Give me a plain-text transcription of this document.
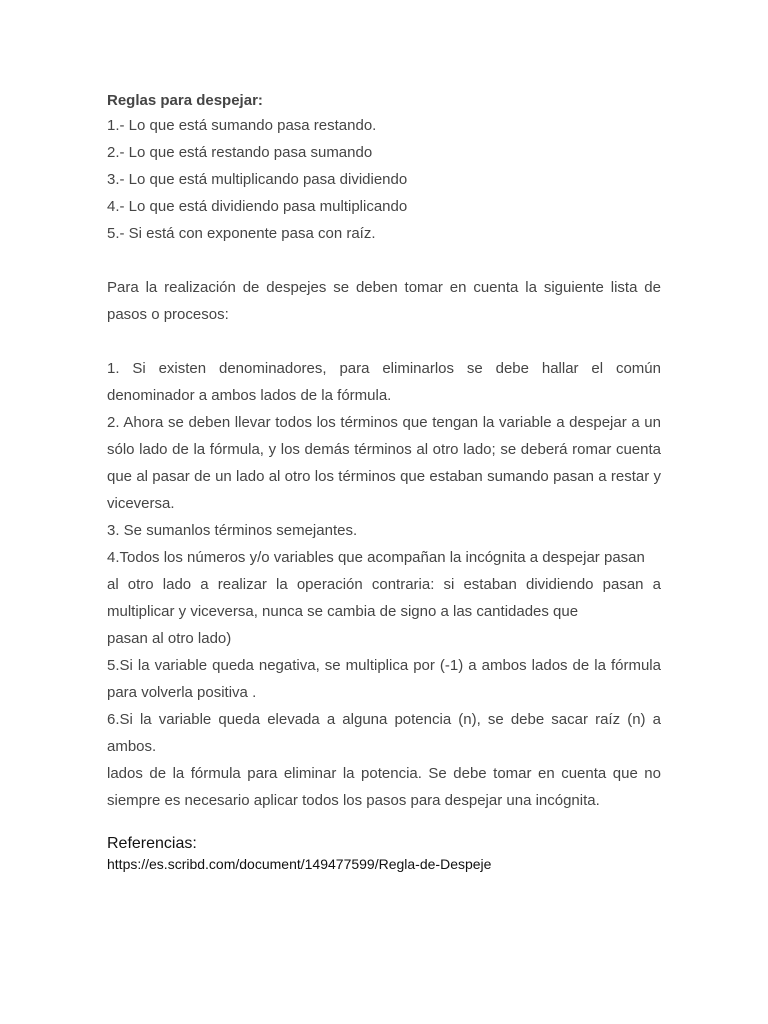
Reglas para despejar:
1.- Lo que está sumando pasa restando.
2.- Lo que está restando pasa sumando
3.- Lo que está multiplicando pasa dividiendo
4.- Lo que está dividiendo pasa multiplicando
5.- Si está con exponente pasa con raíz.
Para la realización de despejes se deben tomar en cuenta la siguiente lista de
pasos o procesos:
1. Si existen denominadores, para eliminarlos se debe hallar el común
denominador a ambos lados de la fórmula.
2. Ahora se deben llevar todos los términos que tengan la variable a despejar a un
sólo lado de la fórmula, y los demás términos al otro lado; se deberá romar cuenta
que al pasar de un lado al otro los términos que estaban sumando pasan a restar y
viceversa.
3. Se sumanlos términos semejantes.
4.Todos los números y/o variables que acompañan la incógnita a despejar pasan
al otro lado a realizar la operación contraria: si estaban dividiendo pasan a
multiplicar y viceversa, nunca se cambia de signo a las cantidades que
pasan al otro lado)
5.Si la variable queda negativa, se multiplica por (-1) a ambos lados de la fórmula
para volverla positiva .
6.Si la variable queda elevada a alguna potencia (n), se debe sacar raíz (n) a
ambos.
lados de la fórmula para eliminar la potencia. Se debe tomar en cuenta que no
siempre es necesario aplicar todos los pasos para despejar una incógnita.
Referencias:
https://es.scribd.com/document/149477599/Regla-de-Despeje
